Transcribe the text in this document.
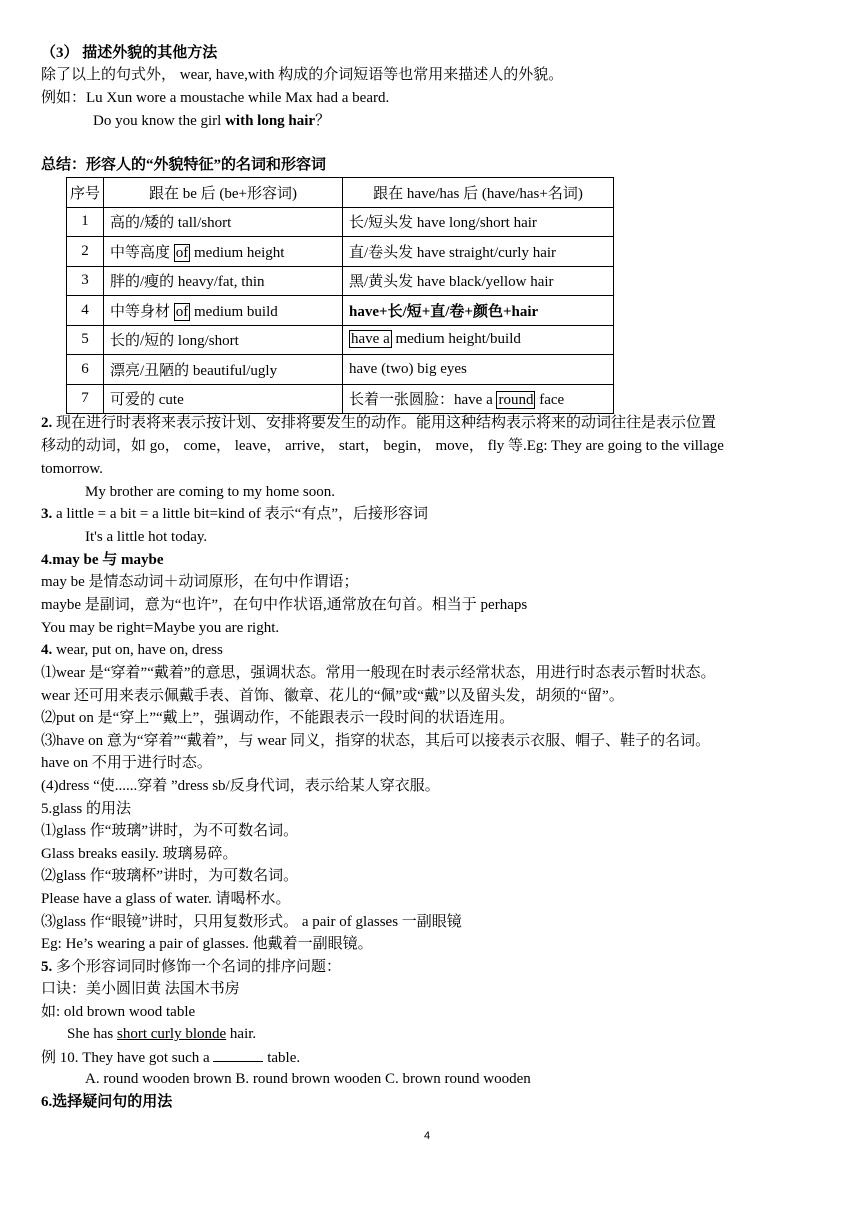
（3） 描述外貌的其他方法
除了以上的句式外， wear, have,with 构成的介词短语等也常用来描述人的外貌。
例如：Lu Xun wore a moustache while Max had a beard.
Do you know the girl with long hair？
总结：形容人的“外貌特征”的名词和形容词
序号	跟在 be 后 (be+形容词)	跟在 have/has 后 (have/has+名词)
1	高的/矮的 tall/short	长/短头发 have long/short hair
2	中等高度 of medium height	直/卷头发 have straight/curly hair
3	胖的/瘦的 heavy/fat, thin	黑/黄头发 have black/yellow hair
4	中等身材 of medium build	have+长/短+直/卷+颜色+hair
5	长的/短的 long/short	have a medium height/build
6	漂亮/丑陋的 beautiful/ugly	have (two) big eyes
7	可爱的 cute	长着一张圆脸：have a round face
2. 现在进行时表将来表示按计划、安排将要发生的动作。能用这种结构表示将来的动词往往是表示位置
移动的动词，如 go， come， leave， arrive， start， begin， move， fly 等.Eg: They are going to the village
tomorrow.
My brother are coming to my home soon.
3. a little = a bit = a little bit=kind of 表示“有点”，后接形容词
It's a little hot today.
4.may be 与 maybe
may be 是情态动词＋动词原形，在句中作谓语；
maybe 是副词，意为“也许”，在句中作状语,通常放在句首。相当于 perhaps
You may be right=Maybe you are right.
4. wear, put on, have on, dress
⑴wear 是“穿着”“戴着”的意思，强调状态。常用一般现在时表示经常状态，用进行时态表示暂时状态。
wear 还可用来表示佩戴手表、首饰、徽章、花儿的“佩”或“戴”以及留头发，胡须的“留”。
⑵put on 是“穿上”“戴上”，强调动作，不能跟表示一段时间的状语连用。
⑶have on 意为“穿着”“戴着”，与 wear 同义，指穿的状态，其后可以接表示衣服、帽子、鞋子的名词。
have on 不用于进行时态。
(4)dress “使......穿着 ”dress sb/反身代词，表示给某人穿衣服。
5.glass 的用法
⑴glass 作“玻璃”讲时，为不可数名词。
Glass breaks easily. 玻璃易碎。
⑵glass 作“玻璃杯”讲时，为可数名词。
Please have a glass of water. 请喝杯水。
⑶glass 作“眼镜”讲时，只用复数形式。 a pair of glasses 一副眼镜
Eg: He’s wearing a pair of glasses. 他戴着一副眼镜。
5. 多个形容词同时修饰一个名词的排序问题：
口诀：美小圆旧黄 法国木书房
如: old brown wood table
She has short curly blonde hair.
例 10. They have got such a	table.
A. round wooden brown B. round brown wooden C. brown round wooden
6.选择疑问句的用法
4
